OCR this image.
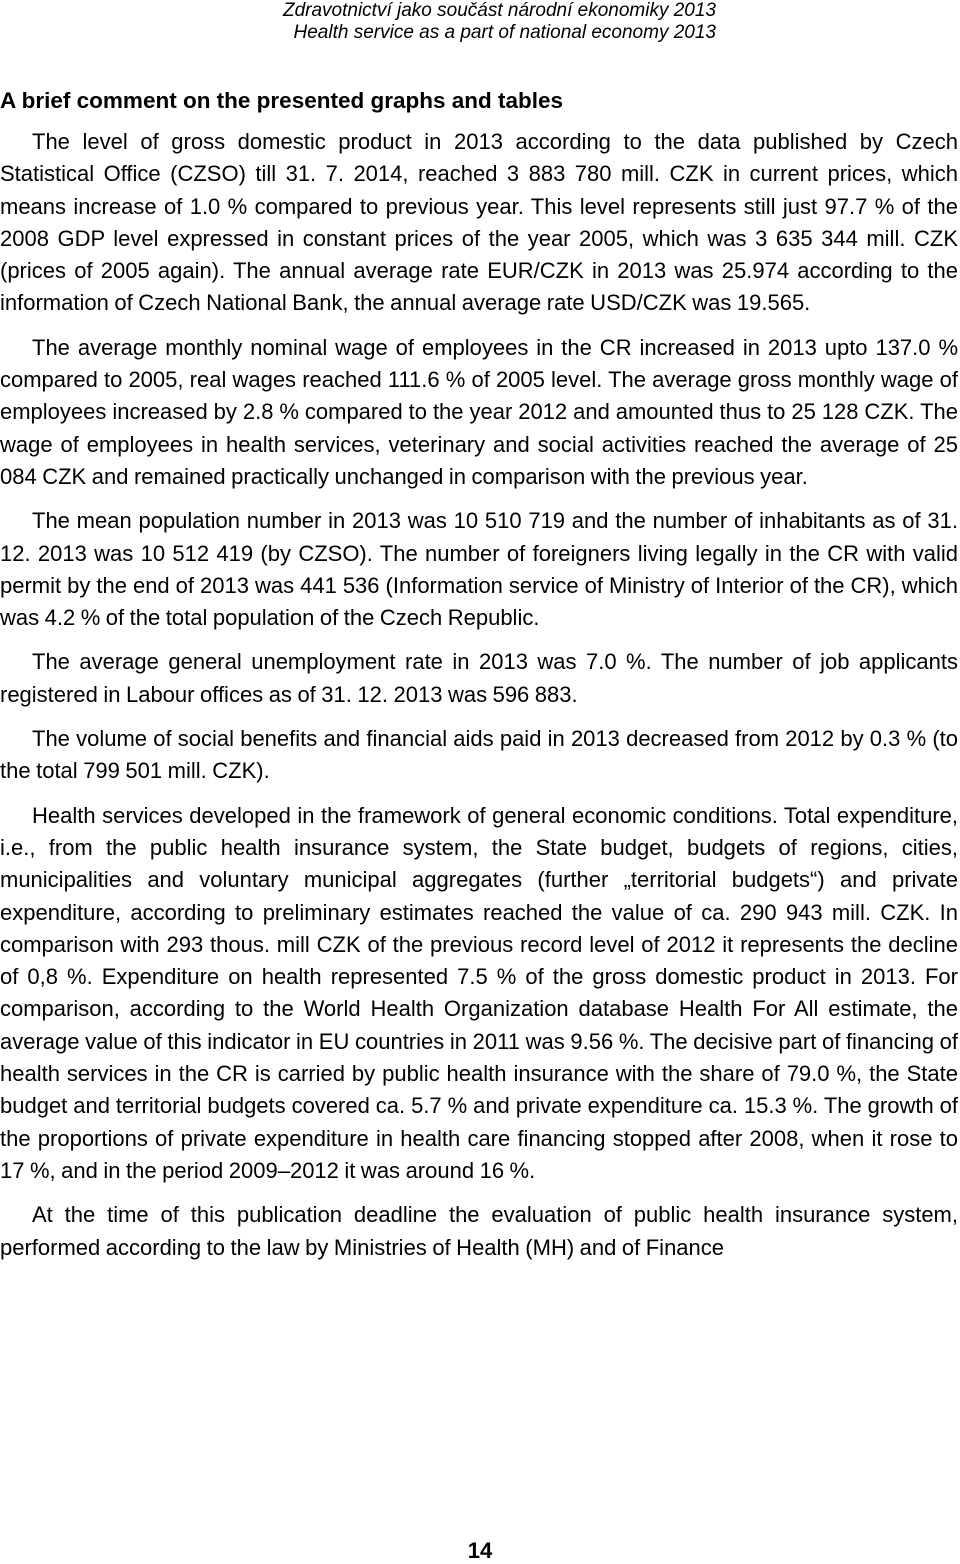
Zdravotnictví jako součást národní ekonomiky 2013
Health service as a part of national economy 2013
A brief comment on the presented graphs and tables

The level of gross domestic product in 2013 according to the data published by Czech Statistical Office (CZSO) till 31. 7. 2014, reached 3 883 780 mill. CZK in current prices, which means increase of 1.0 % compared to previous year. This level represents still just 97.7 % of the 2008 GDP level expressed in constant prices of the year 2005, which was 3 635 344 mill. CZK (prices of 2005 again). The annual average rate EUR/CZK in 2013 was 25.974 according to the information of Czech National Bank, the annual average rate USD/CZK was 19.565.

The average monthly nominal wage of employees in the CR increased in 2013 upto 137.0 % compared to 2005, real wages reached 111.6 % of 2005 level. The average gross monthly wage of employees increased by 2.8 % compared to the year 2012 and amounted thus to 25 128 CZK. The wage of employees in health services, veterinary and social activities reached the average of 25 084 CZK and remained practically unchanged in comparison with the previous year.

The mean population number in 2013 was 10 510 719 and the number of inhabitants as of 31. 12. 2013 was 10 512 419 (by CZSO). The number of foreigners living legally in the CR with valid permit by the end of 2013 was 441 536 (Information service of Ministry of Interior of the CR), which was 4.2 % of the total population of the Czech Republic.

The average general unemployment rate in 2013 was 7.0 %. The number of job applicants registered in Labour offices as of 31. 12. 2013 was 596 883.

The volume of social benefits and financial aids paid in 2013 decreased from 2012 by 0.3 % (to the total 799 501 mill. CZK).

Health services developed in the framework of general economic conditions. Total expenditure, i.e., from the public health insurance system, the State budget, budgets of regions, cities, municipalities and voluntary municipal aggregates (further „territorial budgets“) and private expenditure, according to preliminary estimates reached the value of ca. 290 943 mill. CZK. In comparison with 293 thous. mill CZK of the previous record level of 2012 it represents the decline of 0,8 %. Expenditure on health represented 7.5 % of the gross domestic product in 2013. For comparison, according to the World Health Organization database Health For All estimate, the average value of this indicator in EU countries in 2011 was 9.56 %. The decisive part of financing of health services in the CR is carried by public health insurance with the share of 79.0 %, the State budget and territorial budgets covered ca. 5.7 % and private expenditure ca. 15.3 %. The growth of the proportions of private expenditure in health care financing stopped after 2008, when it rose to 17 %, and in the period 2009–2012 it was around 16 %.

At the time of this publication deadline the evaluation of public health insurance system, performed according to the law by Ministries of Health (MH) and of Finance

14
